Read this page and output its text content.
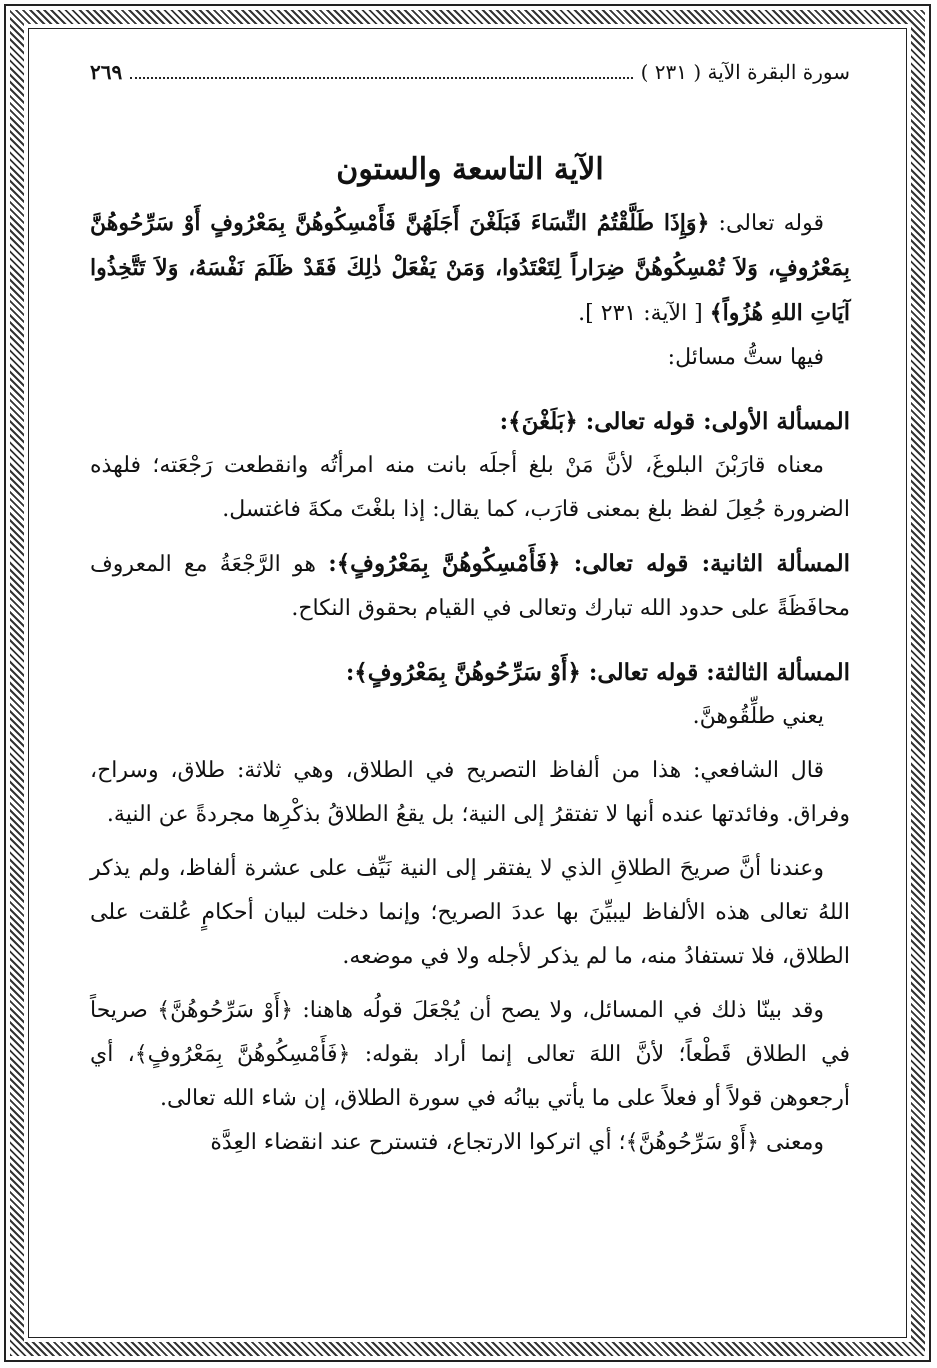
سورة البقرة الآية ( ٢٣١ )
٢٦٩
الآية التاسعة والستون

قوله تعالى: ﴿وَإِذَا طَلَّقْتُمُ النِّسَاءَ فَبَلَغْنَ أَجَلَهُنَّ فَأَمْسِكُوهُنَّ بِمَعْرُوفٍ أَوْ سَرِّحُوهُنَّ بِمَعْرُوفٍ، وَلاَ تُمْسِكُوهُنَّ ضِرَاراً لِتَعْتَدُوا، وَمَنْ يَفْعَلْ ذٰلِكَ فَقَدْ ظَلَمَ نَفْسَهُ، وَلاَ تَتَّخِذُوا آيَاتِ اللهِ هُزُواً﴾ [ الآية: ٢٣١ ].

فيها ستُّ مسائل:

المسألة الأولى: قوله تعالى: ﴿بَلَغْنَ﴾:

معناه قارَبْنَ البلوغَ، لأنَّ مَنْ بلغ أجلَه بانت منه امرأتُه وانقطعت رَجْعَته؛ فلهذه الضرورة جُعِلَ لفظ بلغ بمعنى قارَب، كما يقال: إذا بلغْتَ مكةَ فاغتسل.

المسألة الثانية: قوله تعالى: ﴿فَأَمْسِكُوهُنَّ بِمَعْرُوفٍ﴾: هو الرَّجْعَةُ مع المعروف محافَظَةً على حدود الله تبارك وتعالى في القيام بحقوق النكاح.

المسألة الثالثة: قوله تعالى: ﴿أَوْ سَرِّحُوهُنَّ بِمَعْرُوفٍ﴾:

يعني طلِّقُوهنَّ.

قال الشافعي: هذا من ألفاظ التصريح في الطلاق، وهي ثلاثة: طلاق، وسراح، وفراق. وفائدتها عنده أنها لا تفتقرُ إلى النية؛ بل يقعُ الطلاقُ بذكْرِها مجردةً عن النية.

وعندنا أنَّ صريحَ الطلاقِ الذي لا يفتقر إلى النية نَيِّف على عشرة ألفاظ، ولم يذكر اللهُ تعالى هذه الألفاظ ليبيِّنَ بها عددَ الصريح؛ وإنما دخلت لبيان أحكامٍ عُلقت على الطلاق، فلا تستفادُ منه، ما لم يذكر لأجله ولا في موضعه.

وقد بينّا ذلك في المسائل، ولا يصح أن يُجْعَلَ قولُه هاهنا: ﴿أَوْ سَرِّحُوهُنَّ﴾ صريحاً في الطلاق قَطْعاً؛ لأنَّ اللهَ تعالى إنما أراد بقوله: ﴿فَأَمْسِكُوهُنَّ بِمَعْرُوفٍ﴾، أي أرجعوهن قولاً أو فعلاً على ما يأتي بيانُه في سورة الطلاق، إن شاء الله تعالى.

ومعنى ﴿أَوْ سَرِّحُوهُنَّ﴾؛ أي اتركوا الارتجاع، فتسترح عند انقضاء العِدَّة
